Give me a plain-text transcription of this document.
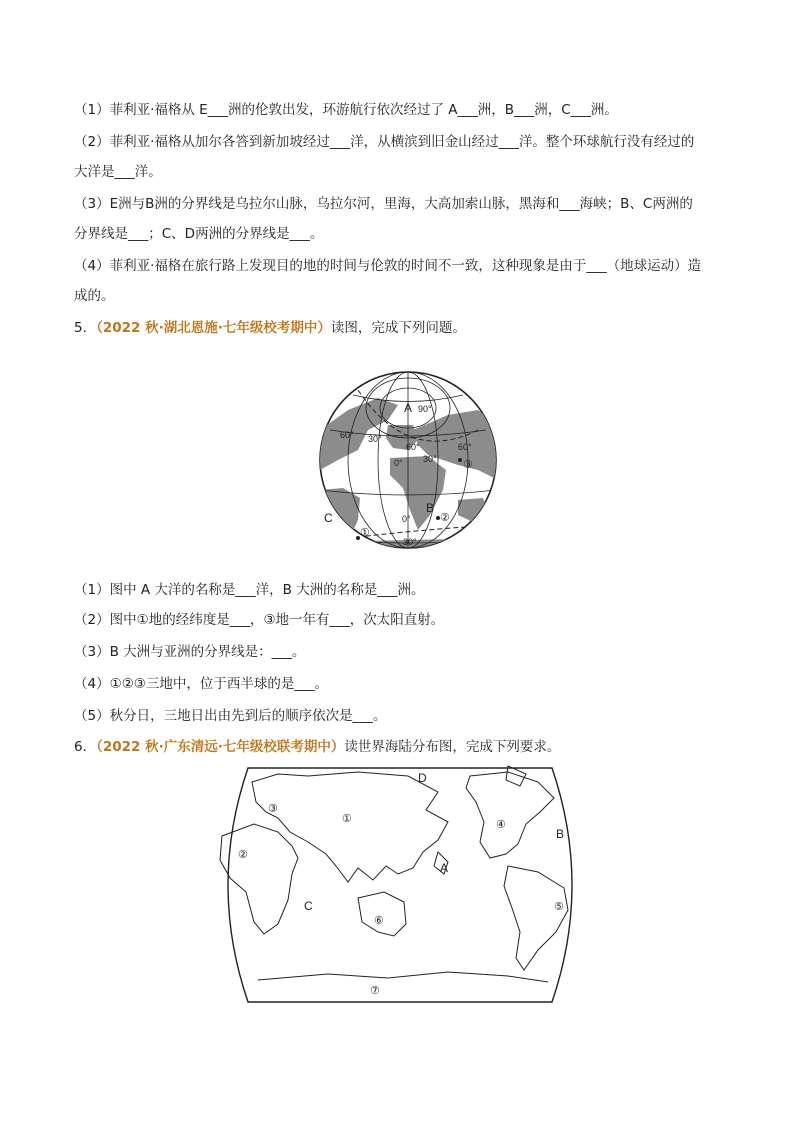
（1）菲利亚·福格从 E___洲的伦敦出发，环游航行依次经过了 A___洲，B___洲，C___洲。
（2）菲利亚·福格从加尔各答到新加坡经过___洋，从横滨到旧金山经过___洋。整个环球航行没有经过的
大洋是___洋。
（3）E洲与B洲的分界线是乌拉尔山脉，乌拉尔河，里海，大高加索山脉，黑海和___海峡；B、C两洲的
分界线是___；C、D两洲的分界线是___。
（4）菲利亚·福格在旅行路上发现目的地的时间与伦敦的时间不一致，这种现象是由于___（地球运动）造
成的。
5．（2022 秋·湖北恩施·七年级校考期中）读图，完成下列问题。
A 90°
60°
60°	60°
30°
30°
30°
0°
0°
B
C
①
②
③
（1）图中 A 大洋的名称是___洋，B 大洲的名称是___洲。
（2）图中①地的经纬度是___，③地一年有___，次太阳直射。
（3）B 大洲与亚洲的分界线是：___。
（4）①②③三地中，位于西半球的是___。
（5）秋分日，三地日出由先到后的顺序依次是___。
6．（2022 秋·广东清远·七年级校联考期中）读世界海陆分布图，完成下列要求。
A
B
C
D
①
②
③
④
⑤
⑥
⑦
